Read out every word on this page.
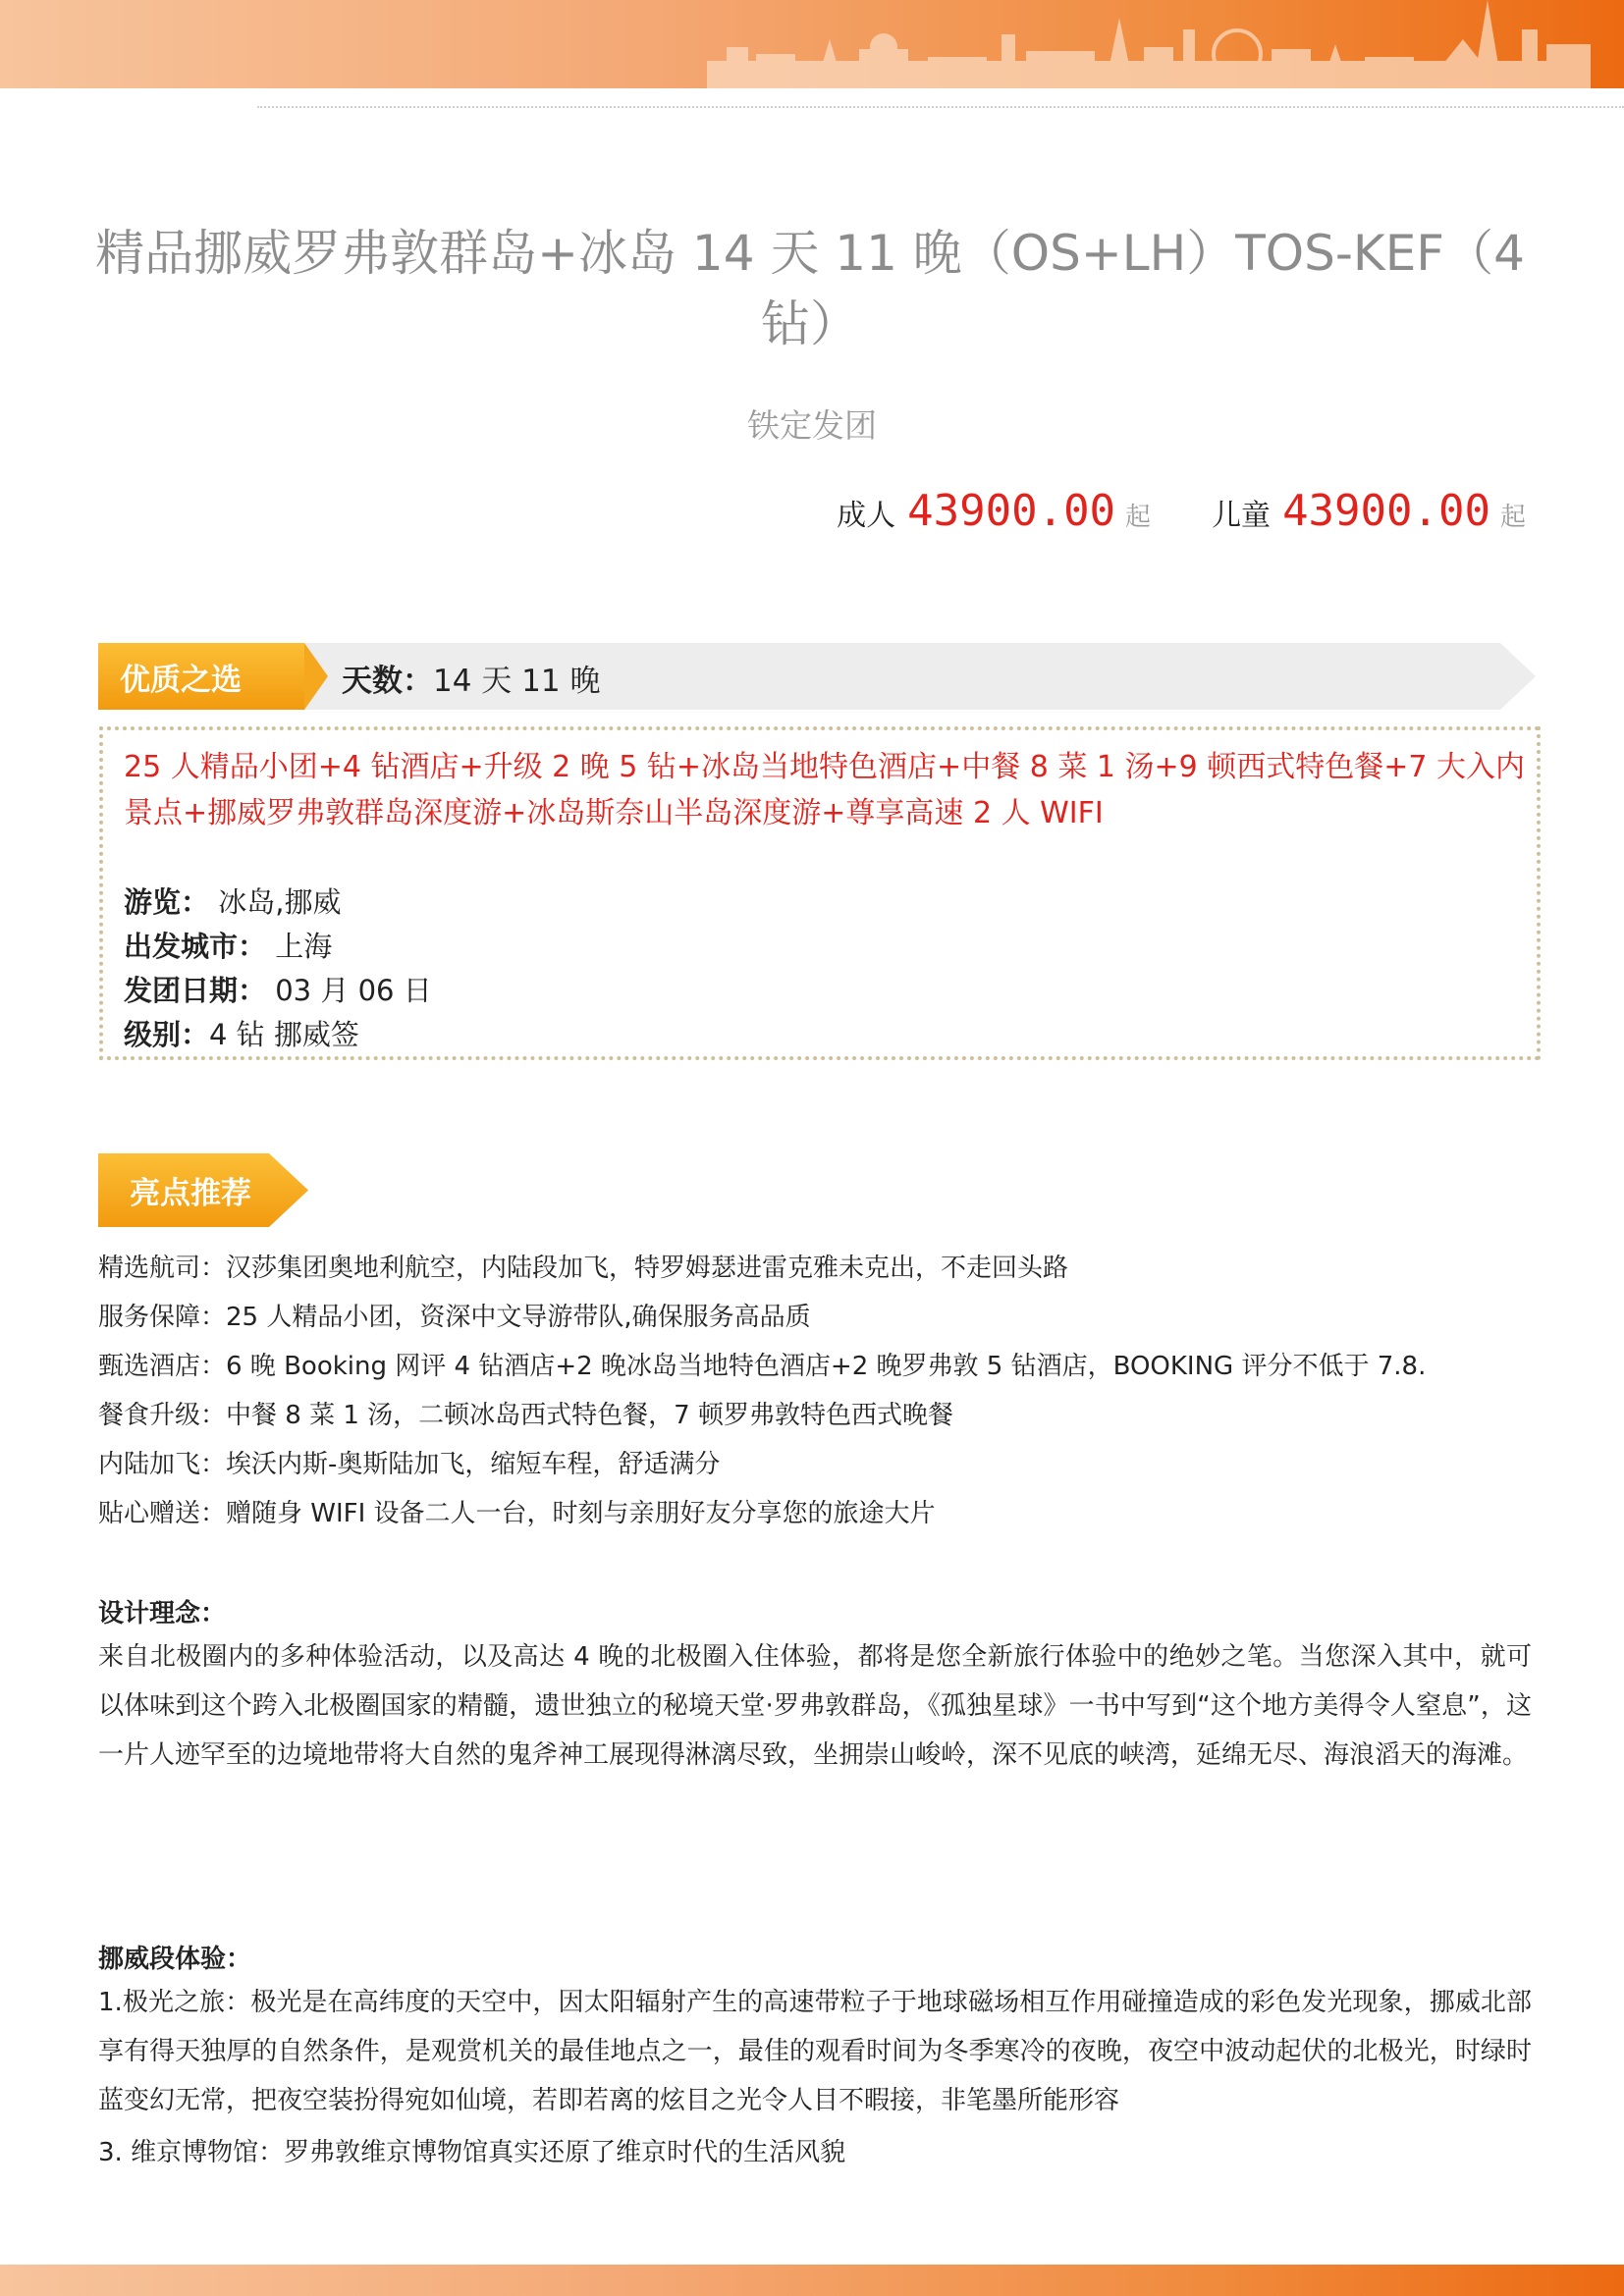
精品挪威罗弗敦群岛+冰岛 14 天 11 晚（OS+LH）TOS-KEF（4钻）
铁定发团
成人 43900.00 起 儿童 43900.00 起
优质之选	天数：14 天 11 晚
25 人精品小团+4 钻酒店+升级 2 晚 5 钻+冰岛当地特色酒店+中餐 8 菜 1 汤+9 顿西式特色餐+7 大入内景点+挪威罗弗敦群岛深度游+冰岛斯奈山半岛深度游+尊享高速 2 人 WIFI
游览： 冰岛,挪威
出发城市： 上海
发团日期： 03 月 06 日
级别：4 钻 挪威签
亮点推荐
精选航司：汉莎集团奥地利航空，内陆段加飞，特罗姆瑟进雷克雅未克出，不走回头路
服务保障：25 人精品小团，资深中文导游带队,确保服务高品质
甄选酒店：6 晚 Booking 网评 4 钻酒店+2 晚冰岛当地特色酒店+2 晚罗弗敦 5 钻酒店，BOOKING 评分不低于 7.8.
餐食升级：中餐 8 菜 1 汤，二顿冰岛西式特色餐，7 顿罗弗敦特色西式晚餐
内陆加飞：埃沃内斯-奥斯陆加飞，缩短车程，舒适满分
贴心赠送：赠随身 WIFI 设备二人一台，时刻与亲朋好友分享您的旅途大片
设计理念：
来自北极圈内的多种体验活动，以及高达 4 晚的北极圈入住体验，都将是您全新旅行体验中的绝妙之笔。当您深入其中，就可以体味到这个跨入北极圈国家的精髓，遗世独立的秘境天堂·罗弗敦群岛，《孤独星球》一书中写到“这个地方美得令人窒息”，这一片人迹罕至的边境地带将大自然的鬼斧神工展现得淋漓尽致，坐拥崇山峻岭，深不见底的峡湾，延绵无尽、海浪滔天的海滩。
挪威段体验：
1.极光之旅：极光是在高纬度的天空中，因太阳辐射产生的高速带粒子于地球磁场相互作用碰撞造成的彩色发光现象，挪威北部享有得天独厚的自然条件，是观赏机关的最佳地点之一，最佳的观看时间为冬季寒冷的夜晚，夜空中波动起伏的北极光，时绿时蓝变幻无常，把夜空装扮得宛如仙境，若即若离的炫目之光令人目不暇接，非笔墨所能形容
3. 维京博物馆：罗弗敦维京博物馆真实还原了维京时代的生活风貌
